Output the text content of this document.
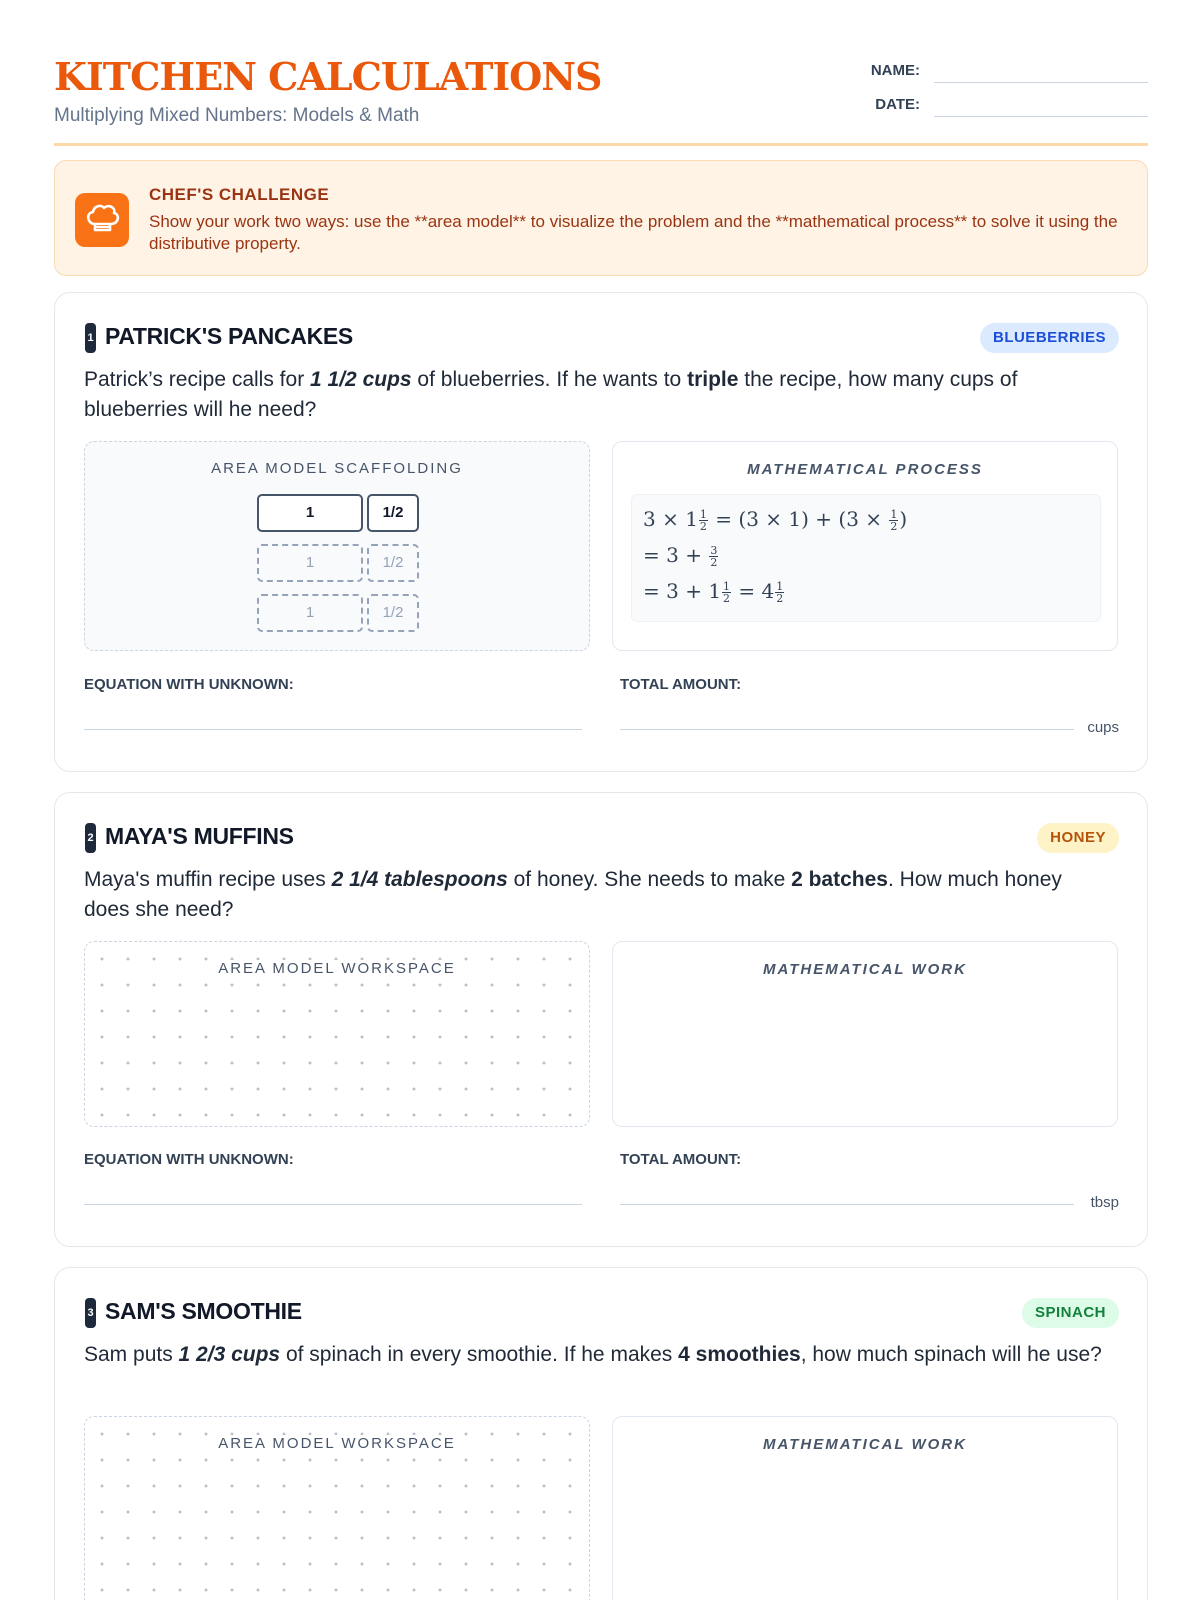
KITCHEN CALCULATIONS
Multiplying Mixed Numbers: Models & Math
NAME:
DATE:
CHEF'S CHALLENGE
Show your work two ways: use the **area model** to visualize the problem and the **mathematical process** to solve it using the distributive property.
1 PATRICK'S PANCAKES	BLUEBERRIES
Patrick’s recipe calls for 1 1/2 cups of blueberries. If he wants to triple the recipe, how many cups of blueberries will he need?
AREA MODEL SCAFFOLDING
1	1/2
1	1/2
1	1/2
MATHEMATICAL PROCESS
$3 \times 1 \frac{1}{2} = (3 \times 1) + (3 \times \frac{1}{2}$ )
= $3 + \frac{3}{2}$
= $3 + 1 \frac{1}{2} = 4 \frac{1}{2}$
EQUATION WITH UNKNOWN:	TOTAL AMOUNT:
cups
2 MAYA'S MUFFINS	HONEY
Maya's muffin recipe uses 2 1/4 tablespoons of honey. She needs to make 2 batches. How much honey does she need?
AREA MODEL WORKSPACE	MATHEMATICAL WORK
EQUATION WITH UNKNOWN:	TOTAL AMOUNT:
tbsp
3 SAM'S SMOOTHIE	SPINACH
Sam puts 1 2/3 cups of spinach in every smoothie. If he makes 4 smoothies, how much spinach will he use?
AREA MODEL WORKSPACE	MATHEMATICAL WORK
